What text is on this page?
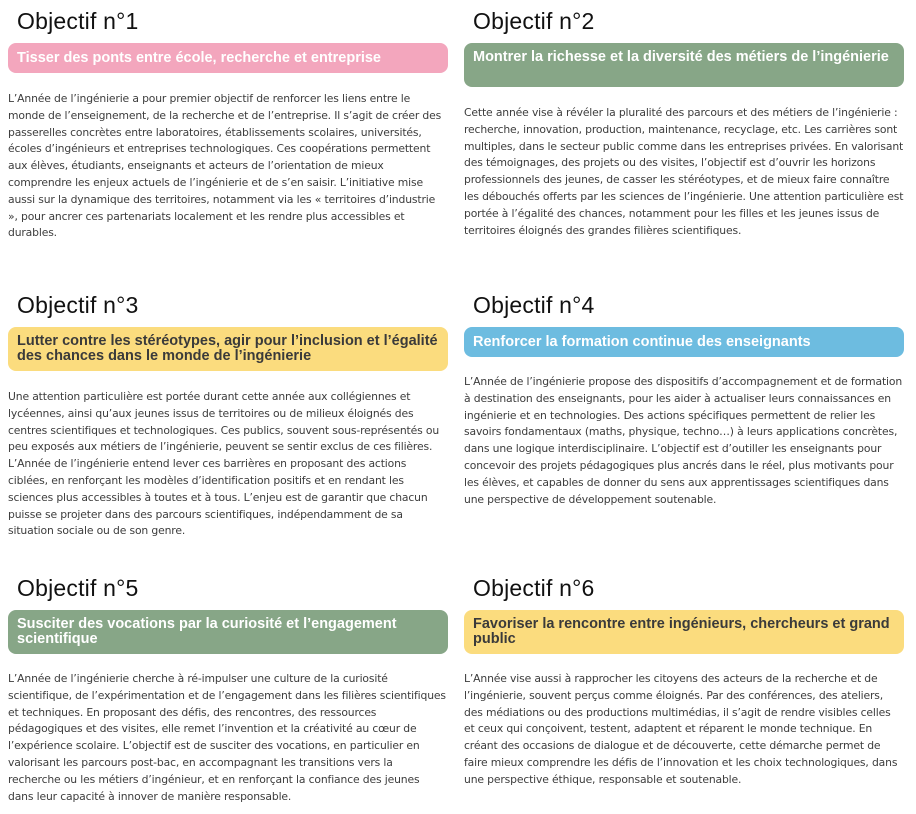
Objectif n°1
Tisser des ponts entre école, recherche et entreprise

L’Année de l’ingénierie a pour premier objectif de renforcer les liens entre le monde de l’enseignement, de la recherche et de l’entreprise. Il s’agit de créer des passerelles concrètes entre laboratoires, établissements scolaires, universités, écoles d’ingénieurs et entreprises technologiques. Ces coopérations permettent aux élèves, étudiants, enseignants et acteurs de l’orientation de mieux comprendre les enjeux actuels de l’ingénierie et de s’en saisir. L’initiative mise aussi sur la dynamique des territoires, notamment via les « territoires d’industrie », pour ancrer ces partenariats localement et les rendre plus accessibles et durables.

Objectif n°2
Montrer la richesse et la diversité des métiers de l’ingénierie

Cette année vise à révéler la pluralité des parcours et des métiers de l’ingénierie : recherche, innovation, production, maintenance, recyclage, etc. Les carrières sont multiples, dans le secteur public comme dans les entreprises privées. En valorisant des témoignages, des projets ou des visites, l’objectif est d’ouvrir les horizons professionnels des jeunes, de casser les stéréotypes, et de mieux faire connaître les débouchés offerts par les sciences de l’ingénierie. Une attention particulière est portée à l’égalité des chances, notamment pour les filles et les jeunes issus de territoires éloignés des grandes filières scientifiques.

Objectif n°3
Lutter contre les stéréotypes, agir pour l’inclusion et l’égalité des chances dans le monde de l’ingénierie

Une attention particulière est portée durant cette année aux collégiennes et lycéennes, ainsi qu’aux jeunes issus de territoires ou de milieux éloignés des centres scientifiques et technologiques. Ces publics, souvent sous-représentés ou peu exposés aux métiers de l’ingénierie, peuvent se sentir exclus de ces filières. L’Année de l’ingénierie entend lever ces barrières en proposant des actions ciblées, en renforçant les modèles d’identification positifs et en rendant les sciences plus accessibles à toutes et à tous. L’enjeu est de garantir que chacun puisse se projeter dans des parcours scientifiques, indépendamment de sa situation sociale ou de son genre.

Objectif n°4
Renforcer la formation continue des enseignants

L’Année de l’ingénierie propose des dispositifs d’accompagnement et de formation à destination des enseignants, pour les aider à actualiser leurs connaissances en ingénierie et en technologies. Des actions spécifiques permettent de relier les savoirs fondamentaux (maths, physique, techno…) à leurs applications concrètes, dans une logique interdisciplinaire. L’objectif est d’outiller les enseignants pour concevoir des projets pédagogiques plus ancrés dans le réel, plus motivants pour les élèves, et capables de donner du sens aux apprentissages scientifiques dans une perspective de développement soutenable.

Objectif n°5
Susciter des vocations par la curiosité et l’engagement scientifique

L’Année de l’ingénierie cherche à ré-impulser une culture de la curiosité scientifique, de l’expérimentation et de l’engagement dans les filières scientifiques et techniques. En proposant des défis, des rencontres, des ressources pédagogiques et des visites, elle remet l’invention et la créativité au cœur de l’expérience scolaire. L’objectif est de susciter des vocations, en particulier en valorisant les parcours post-bac, en accompagnant les transitions vers la recherche ou les métiers d’ingénieur, et en renforçant la confiance des jeunes dans leur capacité à innover de manière responsable.

Objectif n°6
Favoriser la rencontre entre ingénieurs, chercheurs et grand public

L’Année vise aussi à rapprocher les citoyens des acteurs de la recherche et de l’ingénierie, souvent perçus comme éloignés. Par des conférences, des ateliers, des médiations ou des productions multimédias, il s’agit de rendre visibles celles et ceux qui conçoivent, testent, adaptent et réparent le monde technique. En créant des occasions de dialogue et de découverte, cette démarche permet de faire mieux comprendre les défis de l’innovation et les choix technologiques, dans une perspective éthique, responsable et soutenable.
